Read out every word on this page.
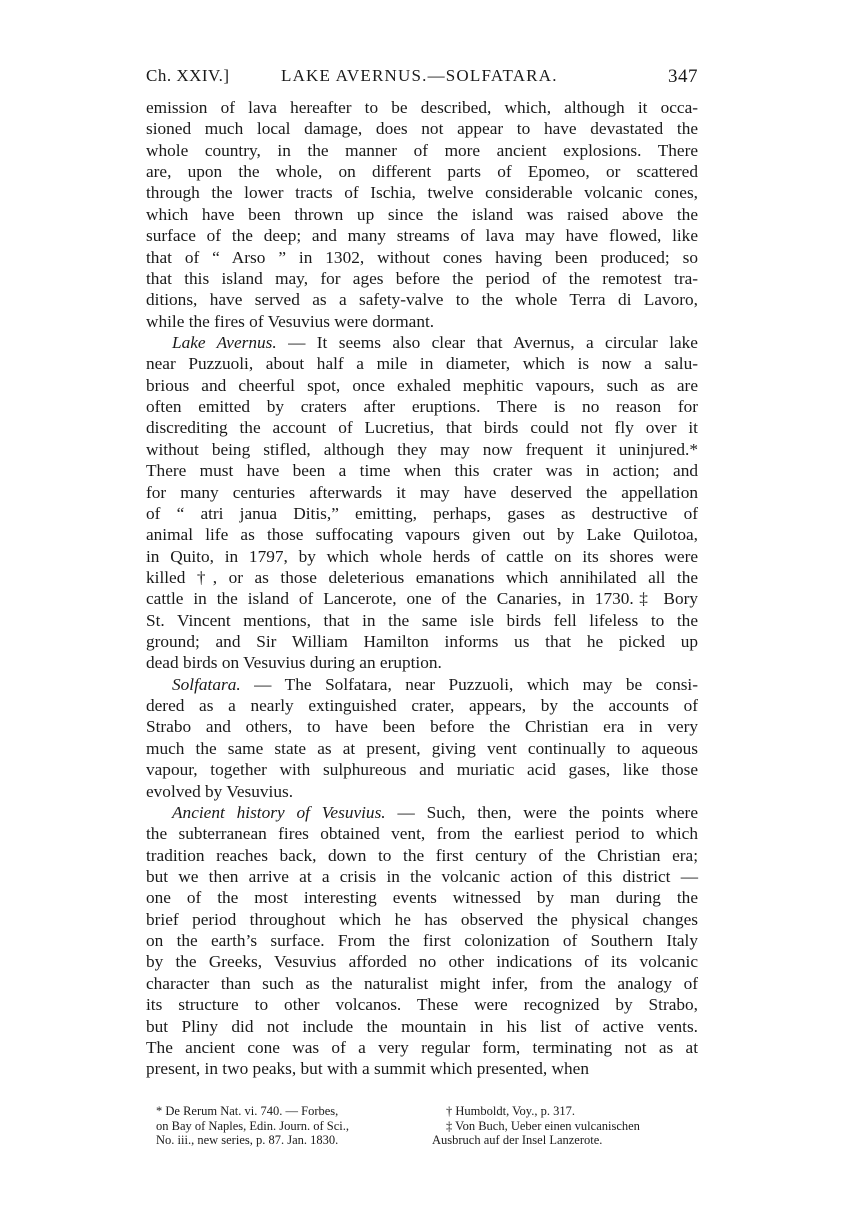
Ch. XXIV.]	LAKE AVERNUS.—SOLFATARA.	347
emission of lava hereafter to be described, which, although it occa-
sioned much local damage, does not appear to have devastated the
whole country, in the manner of more ancient explosions. There
are, upon the whole, on different parts of Epomeo, or scattered
through the lower tracts of Ischia, twelve considerable volcanic cones,
which have been thrown up since the island was raised above the
surface of the deep; and many streams of lava may have flowed, like
that of “ Arso ” in 1302, without cones having been produced; so
that this island may, for ages before the period of the remotest tra-
ditions, have served as a safety-valve to the whole Terra di Lavoro,
while the fires of Vesuvius were dormant.
Lake Avernus. — It seems also clear that Avernus, a circular lake
near Puzzuoli, about half a mile in diameter, which is now a salu-
brious and cheerful spot, once exhaled mephitic vapours, such as are
often emitted by craters after eruptions. There is no reason for
discrediting the account of Lucretius, that birds could not fly over it
without being stifled, although they may now frequent it uninjured.*
There must have been a time when this crater was in action; and
for many centuries afterwards it may have deserved the appellation
of “ atri janua Ditis,” emitting, perhaps, gases as destructive of
animal life as those suffocating vapours given out by Lake Quilotoa,
in Quito, in 1797, by which whole herds of cattle on its shores were
killed †, or as those deleterious emanations which annihilated all the
cattle in the island of Lancerote, one of the Canaries, in 1730.‡ Bory
St. Vincent mentions, that in the same isle birds fell lifeless to the
ground; and Sir William Hamilton informs us that he picked up
dead birds on Vesuvius during an eruption.
Solfatara. — The Solfatara, near Puzzuoli, which may be consi-
dered as a nearly extinguished crater, appears, by the accounts of
Strabo and others, to have been before the Christian era in very
much the same state as at present, giving vent continually to aqueous
vapour, together with sulphureous and muriatic acid gases, like those
evolved by Vesuvius.
Ancient history of Vesuvius. — Such, then, were the points where
the subterranean fires obtained vent, from the earliest period to which
tradition reaches back, down to the first century of the Christian era;
but we then arrive at a crisis in the volcanic action of this district —
one of the most interesting events witnessed by man during the
brief period throughout which he has observed the physical changes
on the earth’s surface. From the first colonization of Southern Italy
by the Greeks, Vesuvius afforded no other indications of its volcanic
character than such as the naturalist might infer, from the analogy of
its structure to other volcanos. These were recognized by Strabo,
but Pliny did not include the mountain in his list of active vents.
The ancient cone was of a very regular form, terminating not as at
present, in two peaks, but with a summit which presented, when
* De Rerum Nat. vi. 740. — Forbes,
on Bay of Naples, Edin. Journ. of Sci.,
No. iii., new series, p. 87. Jan. 1830.
† Humboldt, Voy., p. 317.
‡ Von Buch, Ueber einen vulcanischen
Ausbruch auf der Insel Lanzerote.
